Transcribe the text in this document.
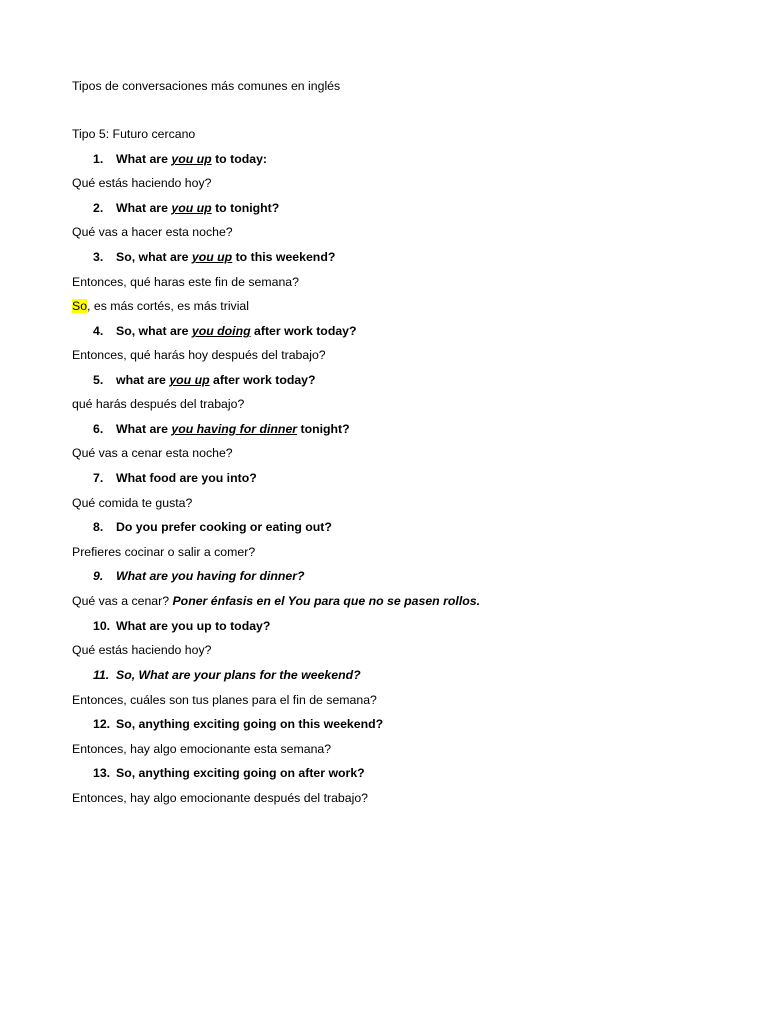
Tipos de conversaciones más comunes en inglés
Tipo 5: Futuro cercano
1. What are you up to today:
Qué estás haciendo hoy?
2. What are you up to tonight?
Qué vas a hacer esta noche?
3. So, what are you up to this weekend?
Entonces, qué haras este fin de semana?
So, es más cortés, es más trivial
4. So, what are you doing after work today?
Entonces, qué harás hoy después del trabajo?
5. what are you up after work today?
qué harás después del trabajo?
6. What are you having for dinner tonight?
Qué vas a cenar esta noche?
7. What food are you into?
Qué comida te gusta?
8. Do you prefer cooking or eating out?
Prefieres cocinar o salir a comer?
9. What are you having for dinner?
Qué vas a cenar? Poner énfasis en el You para que no se pasen rollos.
10. What are you up to today?
Qué estás haciendo hoy?
11. So, What are your plans for the weekend?
Entonces, cuáles son tus planes para el fin de semana?
12. So, anything exciting going on this weekend?
Entonces, hay algo emocionante esta semana?
13. So, anything exciting going on after work?
Entonces, hay algo emocionante después del trabajo?
